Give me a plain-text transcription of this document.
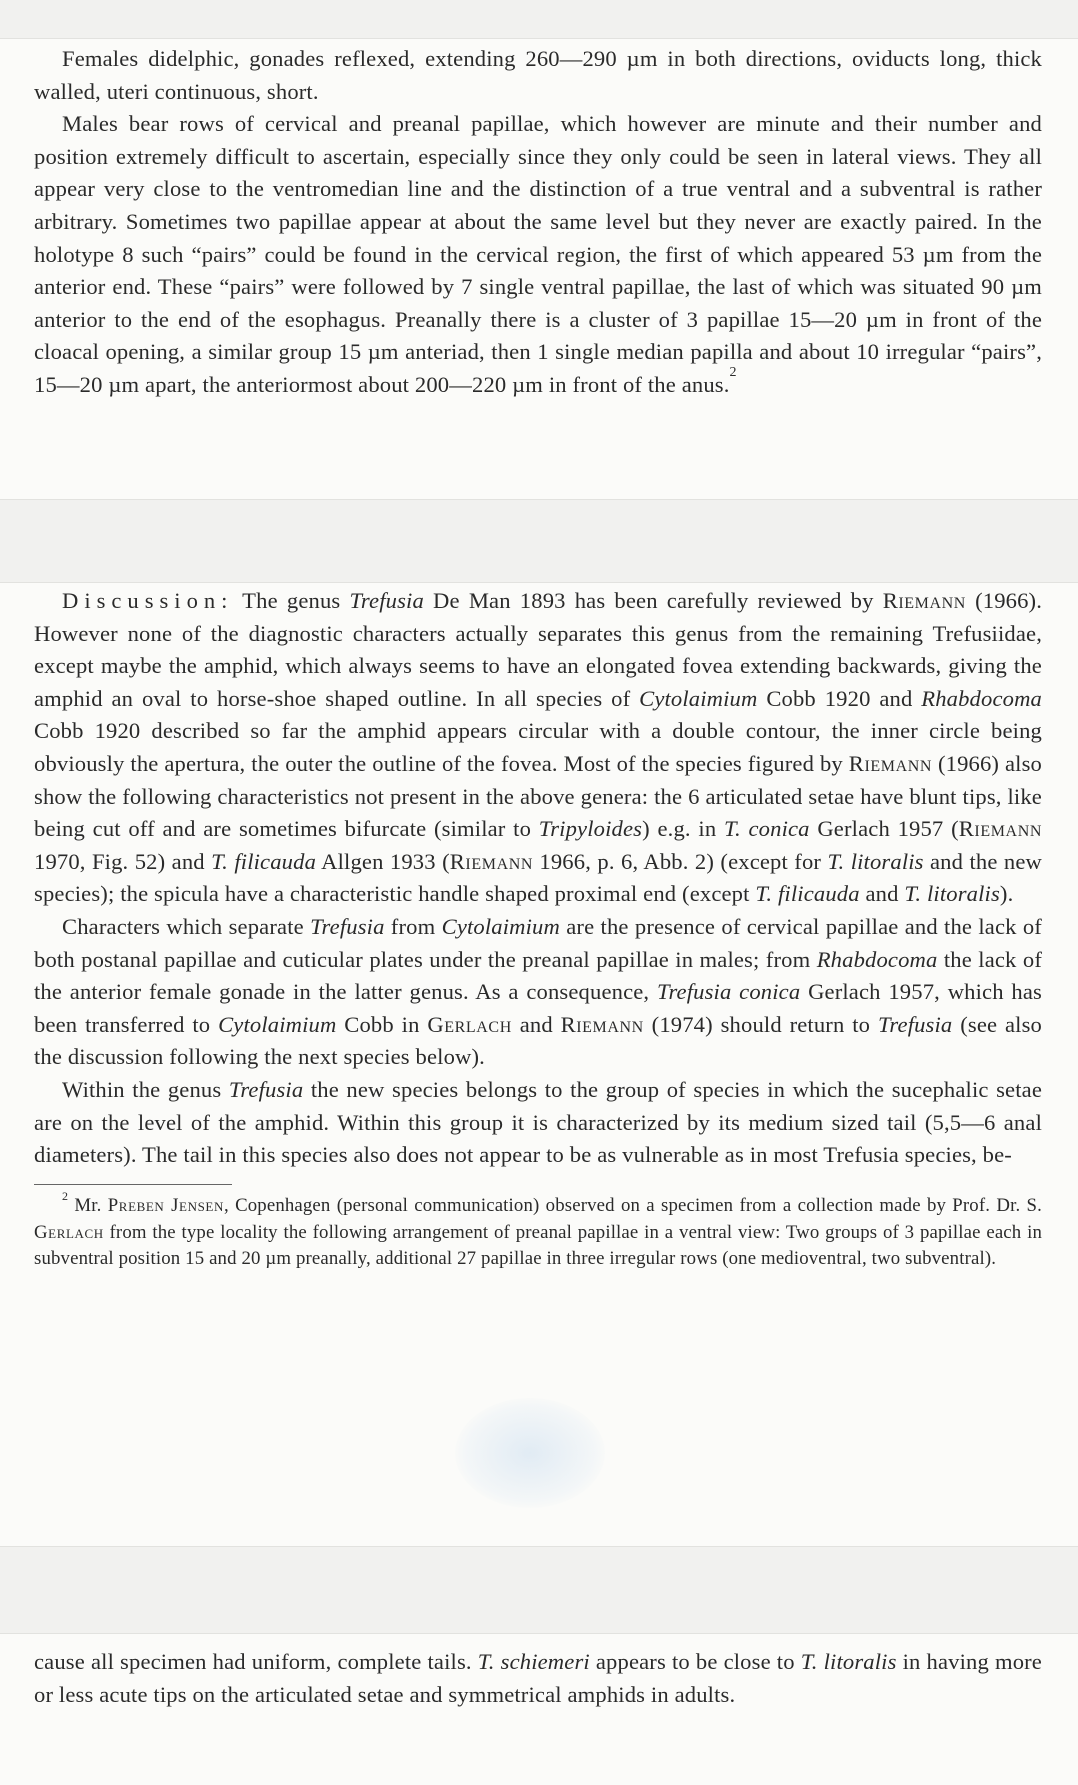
Females didelphic, gonades reflexed, extending 260—290 µm in both directions, oviducts long, thick walled, uteri continuous, short.

Males bear rows of cervical and preanal papillae, which however are minute and their number and position extremely difficult to ascertain, especially since they only could be seen in lateral views. They all appear very close to the ventromedian line and the distinction of a true ventral and a subventral is rather arbitrary. Sometimes two papillae appear at about the same level but they never are exactly paired. In the holotype 8 such “pairs” could be found in the cervical region, the first of which appeared 53 µm from the anterior end. These “pairs” were followed by 7 single ventral papillae, the last of which was situated 90 µm anterior to the end of the esophagus. Preanally there is a cluster of 3 papillae 15—20 µm in front of the cloacal opening, a similar group 15 µm anteriad, then 1 single median papilla and about 10 irregular “pairs”, 15—20 µm apart, the anteriormost about 200—220 µm in front of the anus.$^2$

Discussion: The genus Trefusia De Man 1893 has been carefully reviewed by Riemann (1966). However none of the diagnostic characters actually separates this genus from the remaining Trefusiidae, except maybe the amphid, which always seems to have an elongated fovea extending backwards, giving the amphid an oval to horse-shoe shaped outline. In all species of Cytolaimium Cobb 1920 and Rhabdocoma Cobb 1920 described so far the amphid appears circular with a double contour, the inner circle being obviously the apertura, the outer the outline of the fovea. Most of the species figured by Riemann (1966) also show the following characteristics not present in the above genera: the 6 articulated setae have blunt tips, like being cut off and are sometimes bifurcate (similar to Tripyloides) e.g. in T. conica Gerlach 1957 (Riemann 1970, Fig. 52) and T. filicauda Allgen 1933 (Riemann 1966, p. 6, Abb. 2) (except for T. litoralis and the new species); the spicula have a characteristic handle shaped proximal end (except T. filicauda and T. litoralis).

Characters which separate Trefusia from Cytolaimium are the presence of cervical papillae and the lack of both postanal papillae and cuticular plates under the preanal papillae in males; from Rhabdocoma the lack of the anterior female gonade in the latter genus. As a consequence, Trefusia conica Gerlach 1957, which has been transferred to Cytolaimium Cobb in Gerlach and Riemann (1974) should return to Trefusia (see also the discussion following the next species below).

Within the genus Trefusia the new species belongs to the group of species in which the sucephalic setae are on the level of the amphid. Within this group it is characterized by its medium sized tail (5,5—6 anal diameters). The tail in this species also does not appear to be as vulnerable as in most Trefusia species, be-

$^2$ Mr. Preben Jensen, Copenhagen (personal communication) observed on a specimen from a collection made by Prof. Dr. S. Gerlach from the type locality the following arrangement of preanal papillae in a ventral view: Two groups of 3 papillae each in subventral position 15 and 20 µm preanally, additional 27 papillae in three irregular rows (one medioventral, two subventral).

cause all specimen had uniform, complete tails. T. schiemeri appears to be close to T. litoralis in having more or less acute tips on the articulated setae and symmetrical amphids in adults.
